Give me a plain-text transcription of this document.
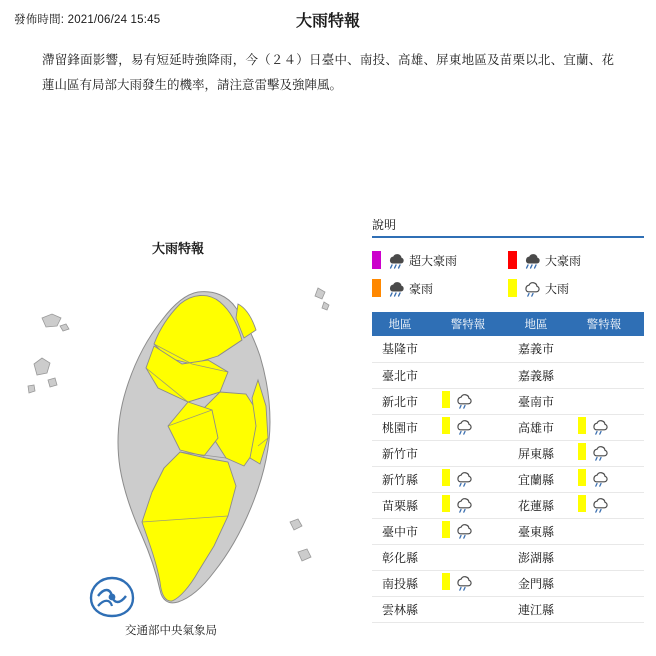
發佈時間: 2021/06/24 15:45	大雨特報
滯留鋒面影響，易有短延時強降雨，今（２４）日臺中、南投、高雄、屏東地區及苗栗以北、宜蘭、花蓮山區有局部大雨發生的機率，請注意雷擊及強陣風。
大雨特報
交通部中央氣象局
說明
超大豪雨	大豪雨
豪雨	大雨
地區	警特報	地區	警特報
基隆市		嘉義市	
臺北市		嘉義縣	
新北市		臺南市	
桃園市		高雄市	

新竹市		屏東縣	

新竹縣		宜蘭縣	

苗栗縣		花蓮縣	

臺中市		臺東縣	
彰化縣		澎湖縣	
南投縣		金門縣	
雲林縣		連江縣	
